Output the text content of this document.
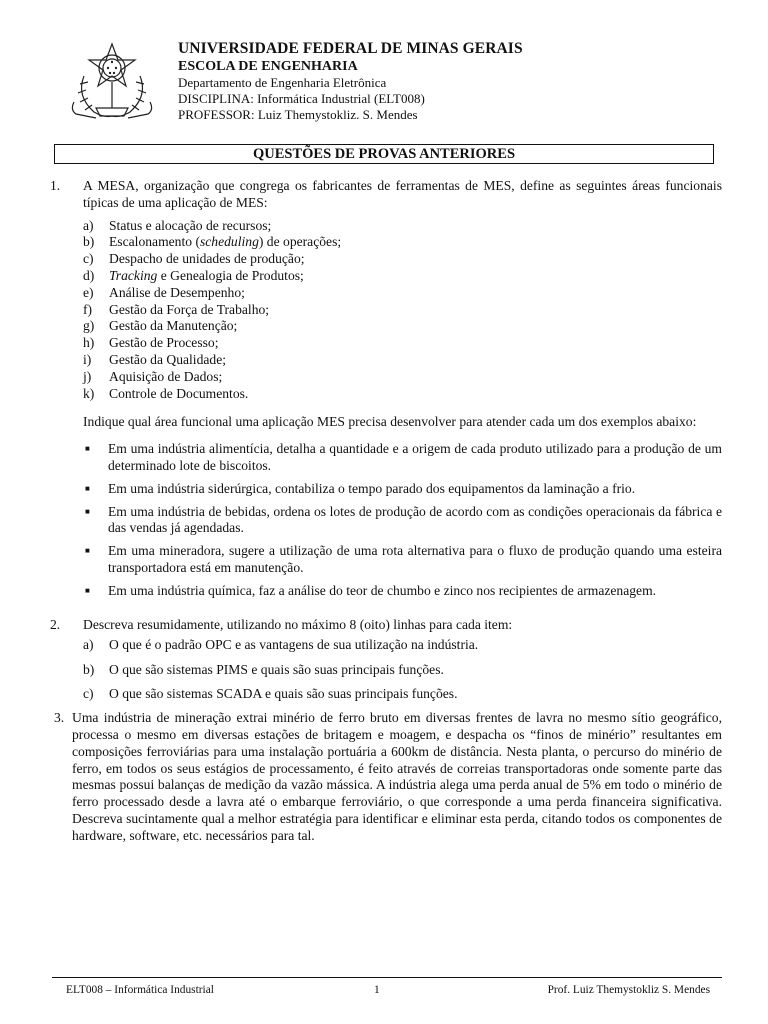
UNIVERSIDADE FEDERAL DE MINAS GERAIS
ESCOLA DE ENGENHARIA
Departamento de Engenharia Eletrônica
DISCIPLINA: Informática Industrial (ELT008)
PROFESSOR: Luiz Themystokliz. S. Mendes
QUESTÕES DE PROVAS ANTERIORES
1. A MESA, organização que congrega os fabricantes de ferramentas de MES, define as seguintes áreas funcionais típicas de uma aplicação de MES:
a) Status e alocação de recursos;
b) Escalonamento (scheduling) de operações;
c) Despacho de unidades de produção;
d) Tracking e Genealogia de Produtos;
e) Análise de Desempenho;
f) Gestão da Força de Trabalho;
g) Gestão da Manutenção;
h) Gestão de Processo;
i) Gestão da Qualidade;
j) Aquisição de Dados;
k) Controle de Documentos.
Indique qual área funcional uma aplicação MES precisa desenvolver para atender cada um dos exemplos abaixo:
■ Em uma indústria alimentícia, detalha a quantidade e a origem de cada produto utilizado para a produção de um determinado lote de biscoitos.
■ Em uma indústria siderúrgica, contabiliza o tempo parado dos equipamentos da laminação a frio.
■ Em uma indústria de bebidas, ordena os lotes de produção de acordo com as condições operacionais da fábrica e das vendas já agendadas.
■ Em uma mineradora, sugere a utilização de uma rota alternativa para o fluxo de produção quando uma esteira transportadora está em manutenção.
■ Em uma indústria química, faz a análise do teor de chumbo e zinco nos recipientes de armazenagem.
2. Descreva resumidamente, utilizando no máximo 8 (oito) linhas para cada item:
a) O que é o padrão OPC e as vantagens de sua utilização na indústria.
b) O que são sistemas PIMS e quais são suas principais funções.
c) O que são sistemas SCADA e quais são suas principais funções.
3. Uma indústria de mineração extrai minério de ferro bruto em diversas frentes de lavra no mesmo sítio geográfico, processa o mesmo em diversas estações de britagem e moagem, e despacha os “finos de minério” resultantes em composições ferroviárias para uma instalação portuária a 600km de distância. Nesta planta, o percurso do minério de ferro, em todos os seus estágios de processamento, é feito através de correias transportadoras onde somente parte das mesmas possui balanças de medição da vazão mássica. A indústria alega uma perda anual de 5% em todo o minério de ferro processado desde a lavra até o embarque ferroviário, o que corresponde a uma perda financeira significativa. Descreva sucintamente qual a melhor estratégia para identificar e eliminar esta perda, citando todos os componentes de hardware, software, etc. necessários para tal.
ELT008 – Informática Industrial	1	Prof. Luiz Themystokliz S. Mendes
